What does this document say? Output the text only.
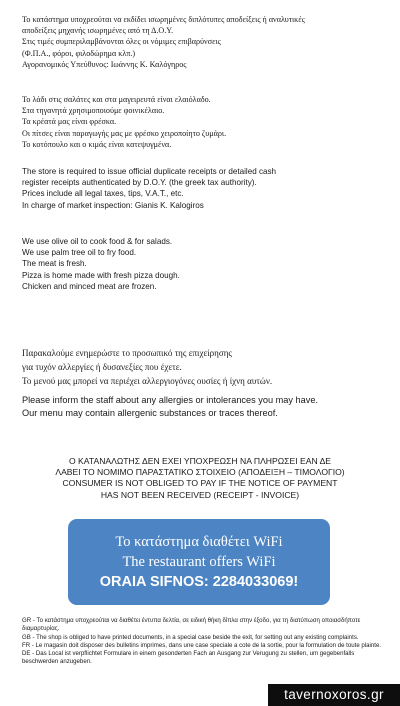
Το κατάστημα υποχρεούται να εκδίδει ισωρημένες διπλότυπες αποδείξεις ή αναλυτικές
αποδείξεις μηχανής ισωρημένες από τη Δ.Ο.Υ.
Στις τιμές συμπεριλαμβάνονται όλες οι νόμιμες επιβαρύνσεις
(Φ.Π.Α., φόροι, φιλοδώρημα κλπ.)
Αγορανομικός Υπεύθυνος: Ιωάννης Κ. Καλόγηρος
Το λάδι στις σαλάτες και στα μαγειρευτά είναι ελαιόλαδο.
Στα τηγανητά χρησιμοποιούμε φοινικέλαιο.
Τα κρέατά μας είναι φρέσκα.
Οι πίτσες είναι παραγωγής μας με φρέσκο χειροποίητο ζυμάρι.
Το κοτόπουλο και ο κιμάς είναι κατεψυγμένα.
The store is required to issue official duplicate receipts or detailed cash
register receipts authenticated by D.O.Y. (the greek tax authority).
Prices include all legal taxes, tips, V.A.T., etc.
In charge of market inspection: Gianis K. Kalogiros
We use olive oil to cook food & for salads.
We use palm tree oil to fry food.
The meat is fresh.
Pizza is home made with fresh pizza dough.
Chicken and minced meat are frozen.
Παρακαλούμε ενημερώστε το προσωπικό της επιχείρησης
για τυχόν αλλεργίες ή δυσανεξίες που έχετε.
Το μενού μας μπορεί να περιέχει αλλεργιογόνες ουσίες ή ίχνη αυτών.
Please inform the staff about any allergies or intolerances you may have.
Our menu may contain allergenic substances or traces thereof.
Ο ΚΑΤΑΝΑΛΩΤΗΣ ΔΕΝ ΕΧΕΙ ΥΠΟΧΡΕΩΣΗ ΝΑ ΠΛΗΡΩΣΕΙ ΕΑΝ ΔΕ
ΛΑΒΕΙ ΤΟ ΝΟΜΙΜΟ ΠΑΡΑΣΤΑΤΙΚΟ ΣΤΟΙΧΕΙΟ (ΑΠΟΔΕΙΞΗ – ΤΙΜΟΛΟΓΙΟ)
CONSUMER IS NOT OBLIGED TO PAY IF THE NOTICE OF PAYMENT
HAS NOT BEEN RECEIVED (RECEIPT - INVOICE)
Το κατάστημα διαθέτει WiFi
The restaurant offers WiFi
ORAIA SIFNOS: 2284033069!
GR - Το κατάστημα υποχρεούται να διαθέτει έντυπα δελτία, σε ειδική θήκη δίπλα στην έξοδο, για τη διατύπωση οποιασδήποτε διαμαρτυρίας.
GB - The shop is obliged to have printed documents, in a special case beside the exit, for setting out any existing complaints.
FR - Le magasin doit disposer des bulletins imprimes, dans une case speciale a cote de la sortie, pour la formulation de toute plainte.
DE - Das Local ist verpflichtet Formulare in einem gesonderten Fach an Ausgang zur Verugung zu stellen, um gegebenfalls beschwerden anzugeben.
tavernoxoros.gr
